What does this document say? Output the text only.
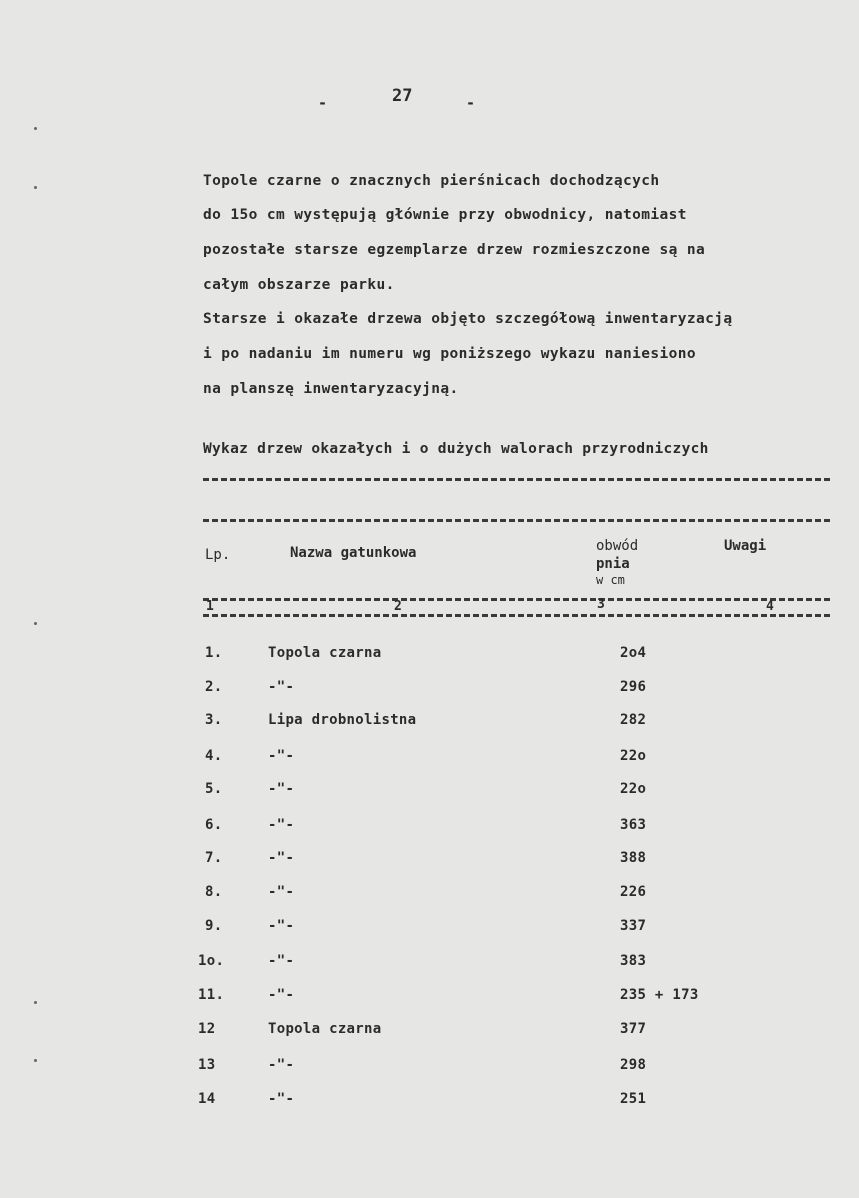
-	27	-
Topole czarne o znacznych pierśnicach dochodzących
do 15o cm występują głównie przy obwodnicy, natomiast
pozostałe starsze egzemplarze drzew rozmieszczone są na
całym obszarze parku.
Starsze i okazałe drzewa objęto szczegółową inwentaryzacją
i po nadaniu im numeru wg poniższego wykazu naniesiono
na planszę inwentaryzacyjną.
Wykaz drzew okazałych i o dużych walorach przyrodniczych
Lp.	Nazwa gatunkowa	obwód
pnia
w cm
Uwagi
1	2	3	4
1.	Topola czarna	2o4
2.	-"-	296
3.	Lipa drobnolistna	282
4.	-"-	22o
5.	-"-	22o
6.	-"-	363
7.	-"-	388
8.	-"-	226
9.	-"-	337
1o.	-"-	383
11.	-"-	235 + 173
12	Topola czarna	377
13	-"-	298
14	-"-	251
